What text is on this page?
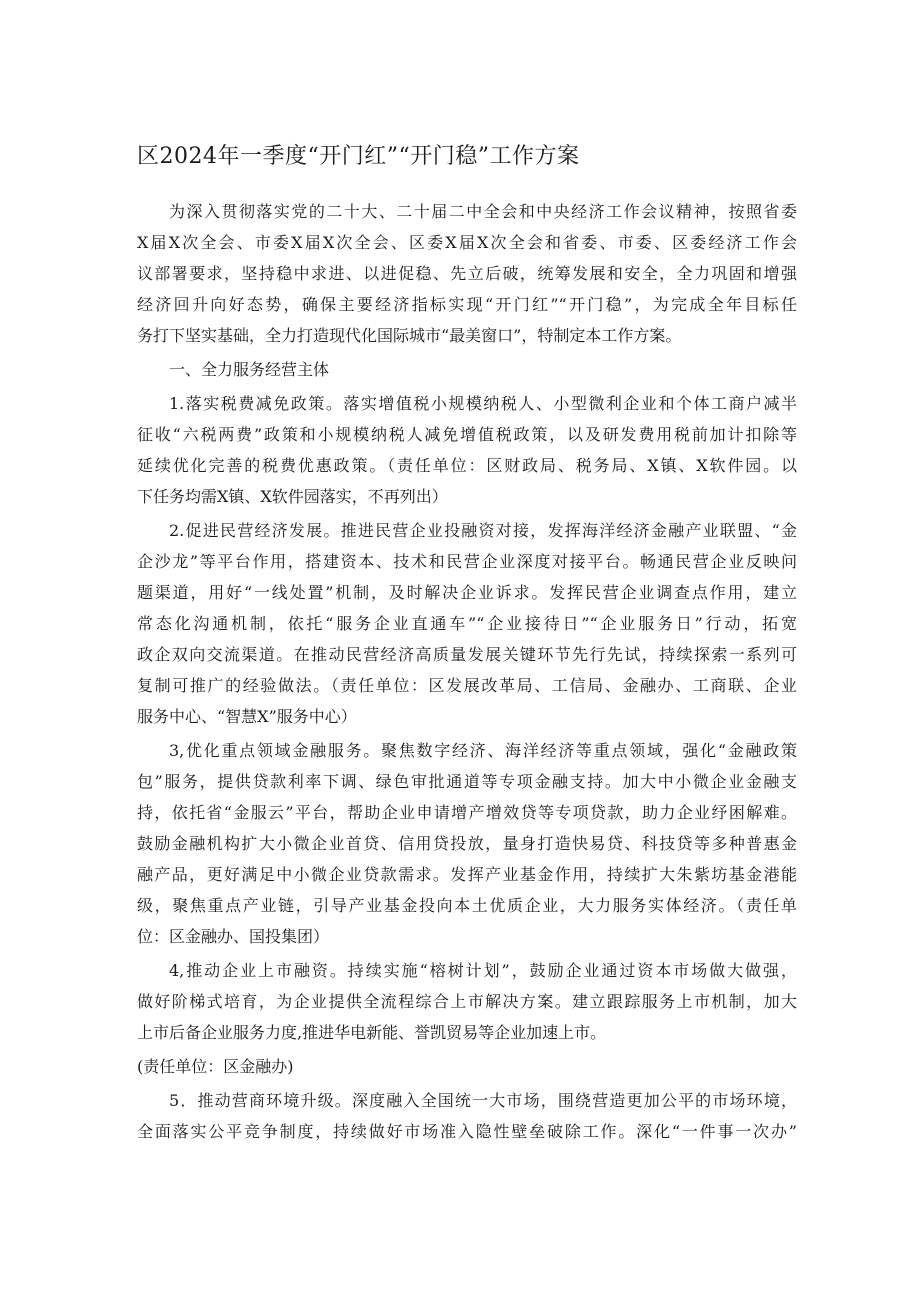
区2024年一季度“开门红”“开门稳”工作方案
为深入贯彻落实党的二十大、二十届二中全会和中央经济工作会议精神，按照省委
X届X次全会、市委X届X次全会、区委X届X次全会和省委、市委、区委经济工作会
议部署要求，坚持稳中求进、以进促稳、先立后破，统筹发展和安全，全力巩固和增强
经济回升向好态势，确保主要经济指标实现“开门红”“开门稳”，为完成全年目标任
务打下坚实基础，全力打造现代化国际城市“最美窗口”，特制定本工作方案。
一、全力服务经营主体
1.落实税费减免政策。落实增值税小规模纳税人、小型微利企业和个体工商户减半
征收“六税两费”政策和小规模纳税人减免增值税政策，以及研发费用税前加计扣除等
延续优化完善的税费优惠政策。（责任单位：区财政局、税务局、X镇、X软件园。以
下任务均需X镇、X软件园落实，不再列出）
2.促进民营经济发展。推进民营企业投融资对接，发挥海洋经济金融产业联盟、“金
企沙龙”等平台作用，搭建资本、技术和民营企业深度对接平台。畅通民营企业反映问
题渠道，用好“一线处置”机制，及时解决企业诉求。发挥民营企业调查点作用，建立
常态化沟通机制，依托“服务企业直通车”“企业接待日”“企业服务日”行动，拓宽
政企双向交流渠道。在推动民营经济高质量发展关键环节先行先试，持续探索一系列可
复制可推广的经验做法。（责任单位：区发展改革局、工信局、金融办、工商联、企业
服务中心、“智慧X”服务中心）
3,优化重点领域金融服务。聚焦数字经济、海洋经济等重点领域，强化“金融政策
包”服务，提供贷款利率下调、绿色审批通道等专项金融支持。加大中小微企业金融支
持，依托省“金服云”平台，帮助企业申请增产增效贷等专项贷款，助力企业纾困解难。
鼓励金融机构扩大小微企业首贷、信用贷投放，量身打造快易贷、科技贷等多种普惠金
融产品，更好满足中小微企业贷款需求。发挥产业基金作用，持续扩大朱紫坊基金港能
级，聚焦重点产业链，引导产业基金投向本土优质企业，大力服务实体经济。（责任单
位：区金融办、国投集团）
4,推动企业上市融资。持续实施“榕树计划”，鼓励企业通过资本市场做大做强，
做好阶梯式培育，为企业提供全流程综合上市解决方案。建立跟踪服务上市机制，加大
上市后备企业服务力度,推进华电新能、誉凯贸易等企业加速上市。
(责任单位：区金融办)
5．推动营商环境升级。深度融入全国统一大市场，围绕营造更加公平的市场环境，
全面落实公平竞争制度，持续做好市场准入隐性壁垒破除工作。深化“一件事一次办”
